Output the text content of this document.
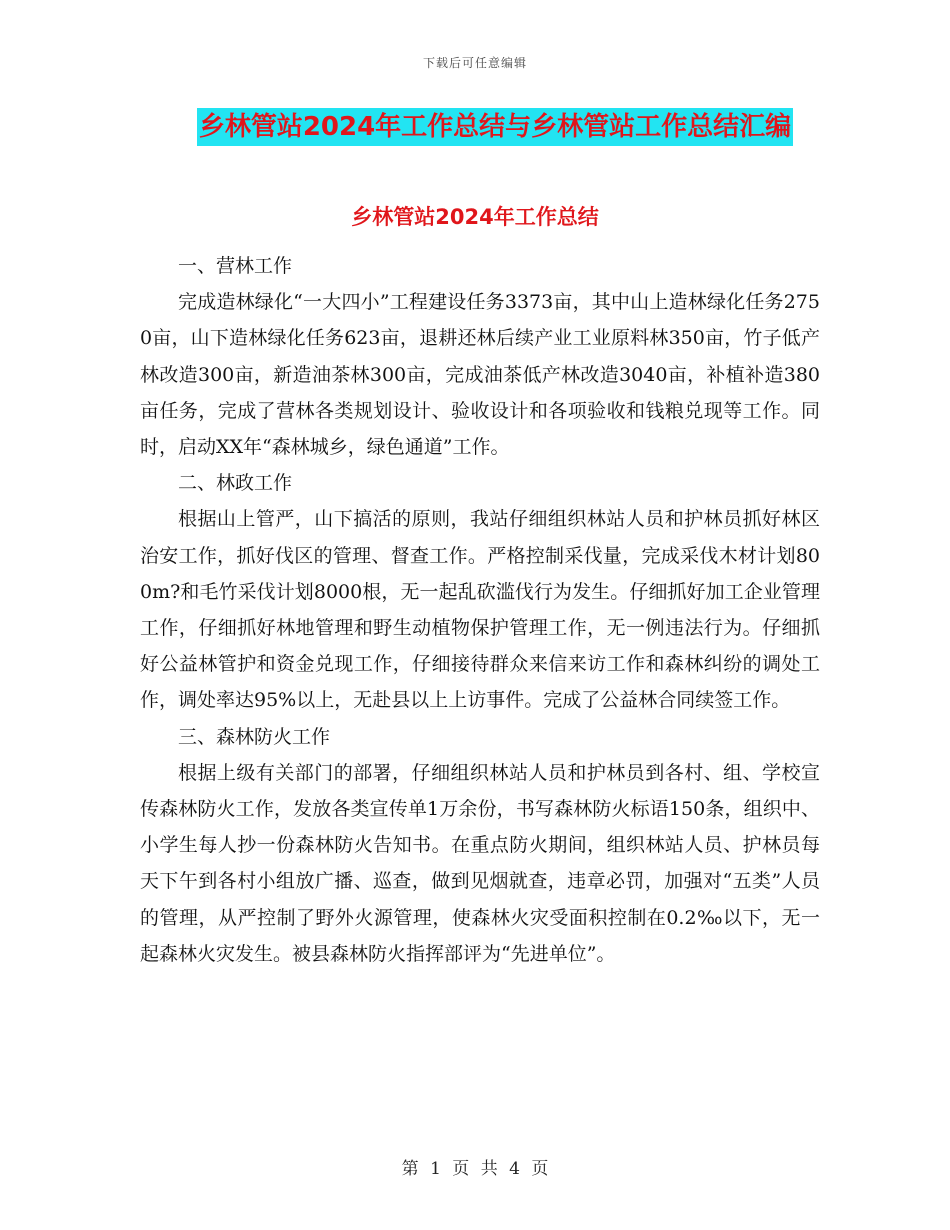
下载后可任意编辑
乡林管站2024年工作总结与乡林管站工作总结汇编
乡林管站2024年工作总结

一、营林工作

完成造林绿化“一大四小”工程建设任务3373亩，其中山上造林绿化任务2750亩，山下造林绿化任务623亩，退耕还林后续产业工业原料林350亩，竹子低产林改造300亩，新造油茶林300亩，完成油茶低产林改造3040亩，补植补造380亩任务，完成了营林各类规划设计、验收设计和各项验收和钱粮兑现等工作。同时，启动XX年“森林城乡，绿色通道”工作。

二、林政工作

根据山上管严，山下搞活的原则，我站仔细组织林站人员和护林员抓好林区治安工作，抓好伐区的管理、督查工作。严格控制采伐量，完成采伐木材计划800m?和毛竹采伐计划8000根，无一起乱砍滥伐行为发生。仔细抓好加工企业管理工作，仔细抓好林地管理和野生动植物保护管理工作，无一例违法行为。仔细抓好公益林管护和资金兑现工作，仔细接待群众来信来访工作和森林纠纷的调处工作，调处率达95%以上，无赴县以上上访事件。完成了公益林合同续签工作。

三、森林防火工作

根据上级有关部门的部署，仔细组织林站人员和护林员到各村、组、学校宣传森林防火工作，发放各类宣传单1万余份，书写森林防火标语150条，组织中、小学生每人抄一份森林防火告知书。在重点防火期间，组织林站人员、护林员每天下午到各村小组放广播、巡查，做到见烟就查，违章必罚，加强对“五类”人员的管理，从严控制了野外火源管理，使森林火灾受面积控制在0.2‰以下，无一起森林火灾发生。被县森林防火指挥部评为“先进单位”。

第 1 页 共 4 页
